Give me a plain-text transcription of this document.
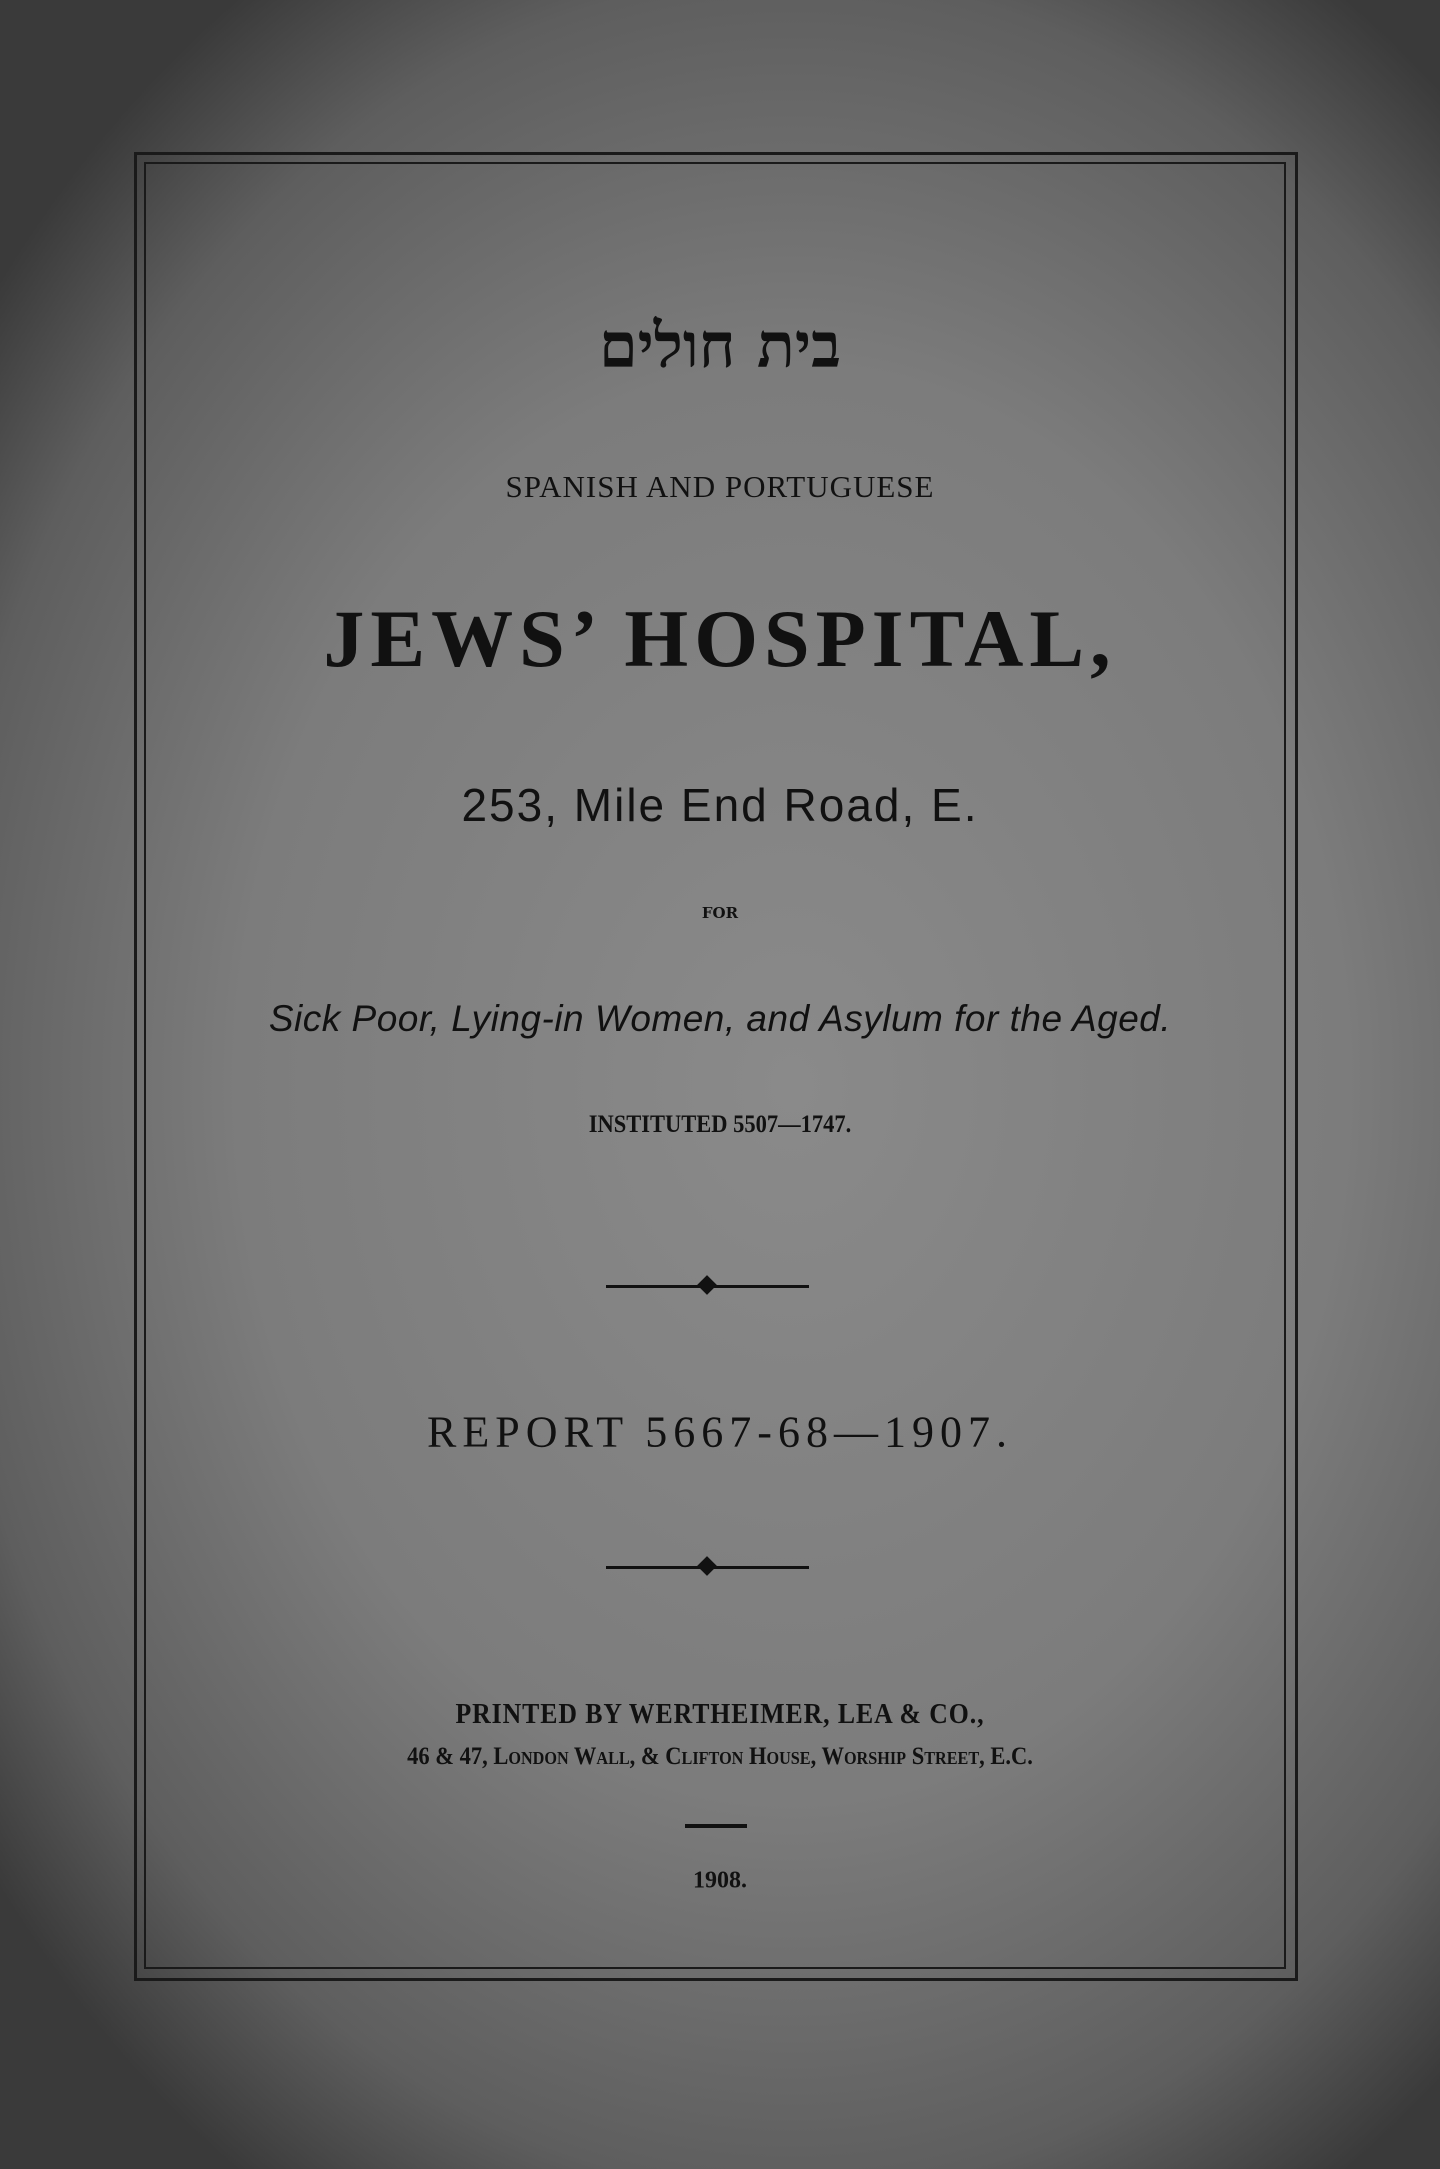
בית חולים
SPANISH AND PORTUGUESE
JEWS’ HOSPITAL,
253, Mile End Road, E.
FOR
Sick Poor, Lying-in Women, and Asylum for the Aged.
INSTITUTED 5507—1747.
REPORT 5667-68—1907.
PRINTED BY WERTHEIMER, LEA & CO.,
46 & 47, London Wall, & Clifton House, Worship Street, E.C.
1908.
